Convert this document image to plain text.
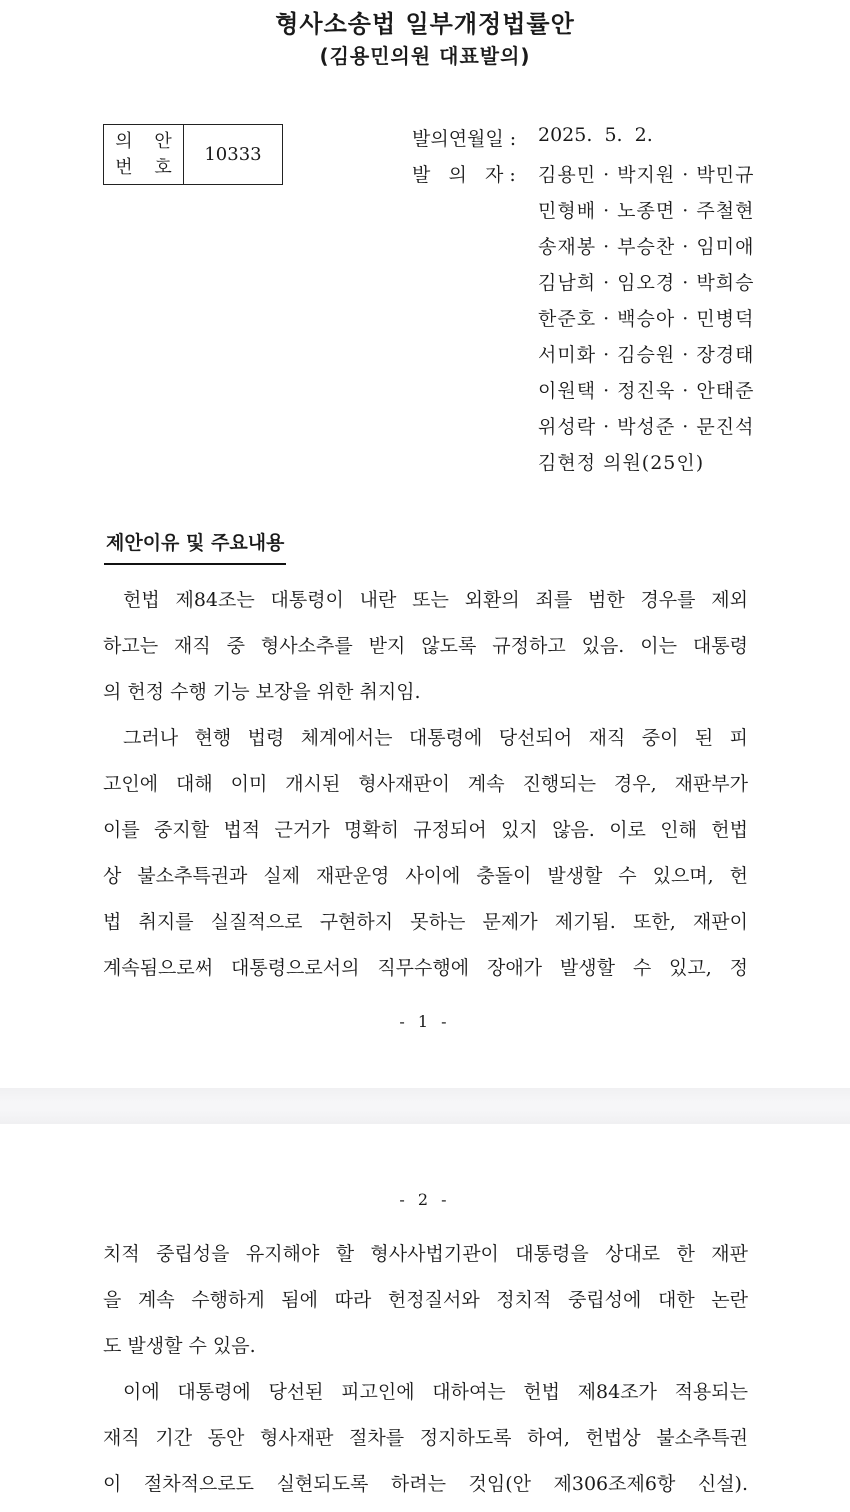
형사소송법 일부개정법률안
(김용민의원 대표발의)
의 안
번 호
10333
발의연월일 : 2025.  5.  2.
발   의   자 : 김용민 · 박지원 · 박민규
민형배 · 노종면 · 주철현
송재봉 · 부승찬 · 임미애
김남희 · 임오경 · 박희승
한준호 · 백승아 · 민병덕
서미화 · 김승원 · 장경태
이원택 · 정진욱 · 안태준
위성락 · 박성준 · 문진석
김현정 의원(25인)
제안이유 및 주요내용
헌법 제84조는 대통령이 내란 또는 외환의 죄를 범한 경우를 제외
하고는 재직 중 형사소추를 받지 않도록 규정하고 있음. 이는 대통령
의 헌정 수행 기능 보장을 위한 취지임.
그러나 현행 법령 체계에서는 대통령에 당선되어 재직 중이 된 피
고인에 대해 이미 개시된 형사재판이 계속 진행되는 경우, 재판부가
이를 중지할 법적 근거가 명확히 규정되어 있지 않음. 이로 인해 헌법
상 불소추특권과 실제 재판운영 사이에 충돌이 발생할 수 있으며, 헌
법 취지를 실질적으로 구현하지 못하는 문제가 제기됨. 또한, 재판이
계속됨으로써 대통령으로서의 직무수행에 장애가 발생할 수 있고, 정
- 1 -
- 2 -
치적 중립성을 유지해야 할 형사사법기관이 대통령을 상대로 한 재판
을 계속 수행하게 됨에 따라 헌정질서와 정치적 중립성에 대한 논란
도 발생할 수 있음.
이에 대통령에 당선된 피고인에 대하여는 헌법 제84조가 적용되는
재직 기간 동안 형사재판 절차를 정지하도록 하여, 헌법상 불소추특권
이 절차적으로도 실현되도록 하려는 것임(안 제306조제6항 신설).
